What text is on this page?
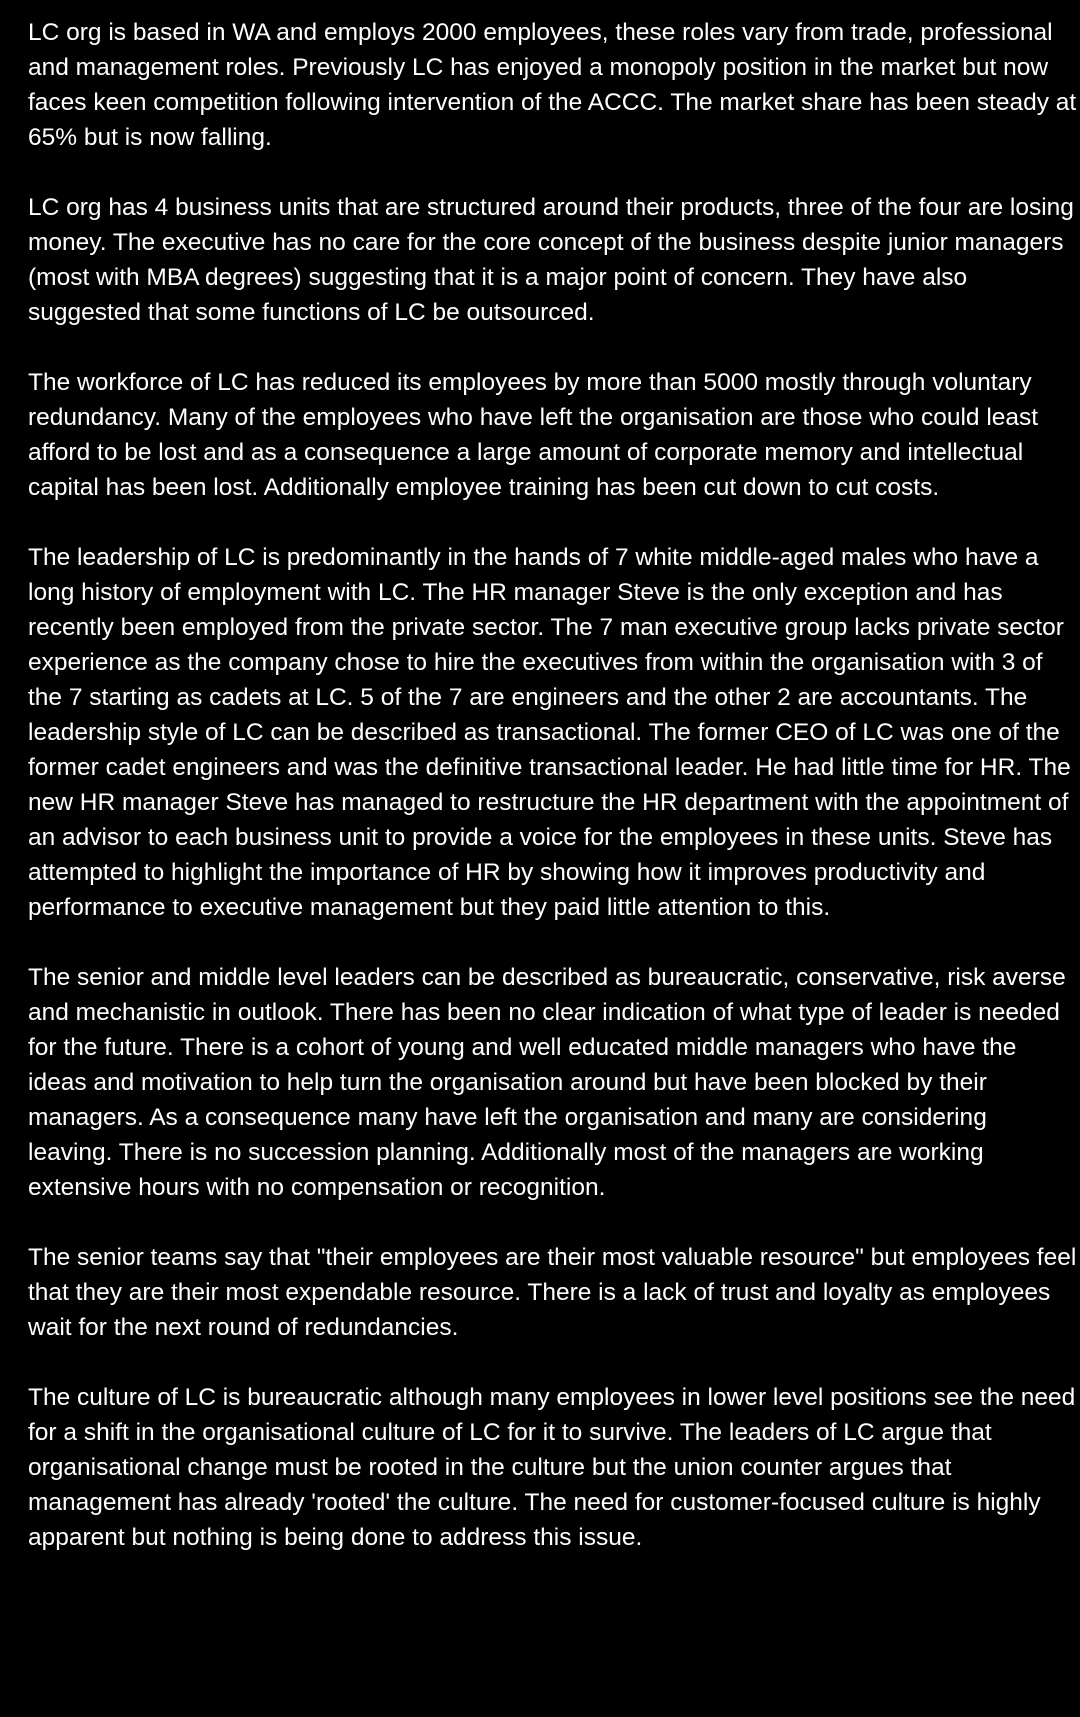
LC org is based in WA and employs 2000 employees, these roles vary from trade, professional and management roles. Previously LC has enjoyed a monopoly position in the market but now faces keen competition following intervention of the ACCC. The market share has been steady at 65% but is now falling.

LC org has 4 business units that are structured around their products, three of the four are losing money. The executive has no care for the core concept of the business despite junior managers (most with MBA degrees) suggesting that it is a major point of concern. They have also suggested that some functions of LC be outsourced.

The workforce of LC has reduced its employees by more than 5000 mostly through voluntary redundancy. Many of the employees who have left the organisation are those who could least afford to be lost and as a consequence a large amount of corporate memory and intellectual capital has been lost. Additionally employee training has been cut down to cut costs.

The leadership of LC is predominantly in the hands of 7 white middle-aged males who have a long history of employment with LC. The HR manager Steve is the only exception and has recently been employed from the private sector. The 7 man executive group lacks private sector experience as the company chose to hire the executives from within the organisation with 3 of the 7 starting as cadets at LC. 5 of the 7 are engineers and the other 2 are accountants. The leadership style of LC can be described as transactional. The former CEO of LC was one of the former cadet engineers and was the definitive transactional leader. He had little time for HR. The new HR manager Steve has managed to restructure the HR department with the appointment of an advisor to each business unit to provide a voice for the employees in these units. Steve has attempted to highlight the importance of HR by showing how it improves productivity and performance to executive management but they paid little attention to this.

The senior and middle level leaders can be described as bureaucratic, conservative, risk averse and mechanistic in outlook. There has been no clear indication of what type of leader is needed for the future. There is a cohort of young and well educated middle managers who have the ideas and motivation to help turn the organisation around but have been blocked by their managers. As a consequence many have left the organisation and many are considering leaving. There is no succession planning. Additionally most of the managers are working extensive hours with no compensation or recognition.

The senior teams say that "their employees are their most valuable resource" but employees feel that they are their most expendable resource. There is a lack of trust and loyalty as employees wait for the next round of redundancies.

The culture of LC is bureaucratic although many employees in lower level positions see the need for a shift in the organisational culture of LC for it to survive. The leaders of LC argue that organisational change must be rooted in the culture but the union counter argues that management has already 'rooted' the culture. The need for customer-focused culture is highly apparent but nothing is being done to address this issue.
